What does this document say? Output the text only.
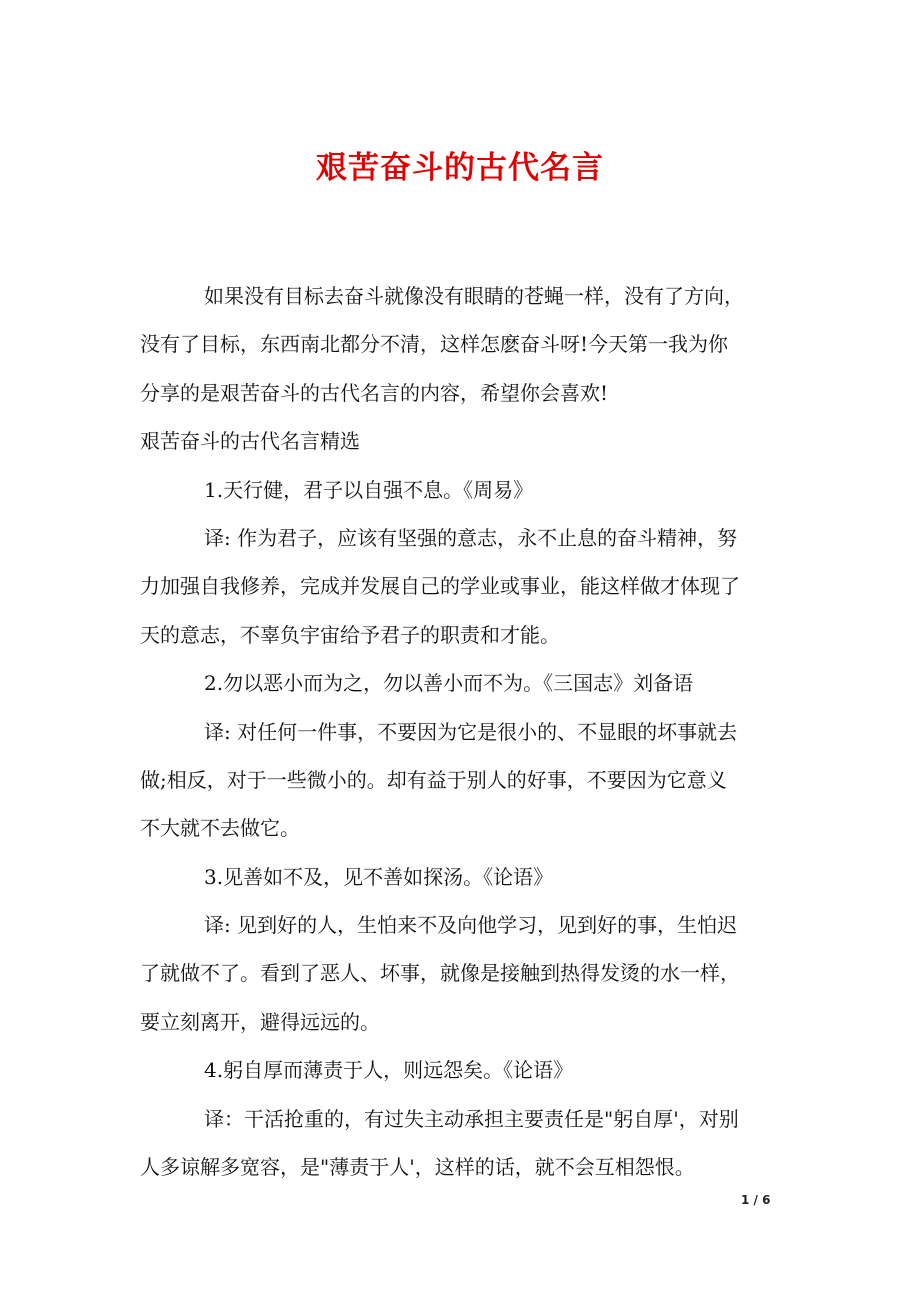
艰苦奋斗的古代名言
如果没有目标去奋斗就像没有眼睛的苍蝇一样，没有了方向，
没有了目标，东西南北都分不清，这样怎麽奋斗呀!今天第一我为你
分享的是艰苦奋斗的古代名言的内容，希望你会喜欢!
艰苦奋斗的古代名言精选
1.天行健，君子以自强不息。《周易》
译: 作为君子，应该有坚强的意志，永不止息的奋斗精神，努
力加强自我修养，完成并发展自己的学业或事业，能这样做才体现了
天的意志，不辜负宇宙给予君子的职责和才能。
2.勿以恶小而为之，勿以善小而不为。《三国志》刘备语
译: 对任何一件事，不要因为它是很小的、不显眼的坏事就去
做;相反，对于一些微小的。却有益于别人的好事，不要因为它意义
不大就不去做它。
3.见善如不及，见不善如探汤。《论语》
译: 见到好的人，生怕来不及向他学习，见到好的事，生怕迟
了就做不了。看到了恶人、坏事，就像是接触到热得发烫的水一样，
要立刻离开，避得远远的。
4.躬自厚而薄责于人，则远怨矣。《论语》
译：干活抢重的，有过失主动承担主要责任是"躬自厚'，对别
人多谅解多宽容，是"薄责于人'，这样的话，就不会互相怨恨。
1 / 6
